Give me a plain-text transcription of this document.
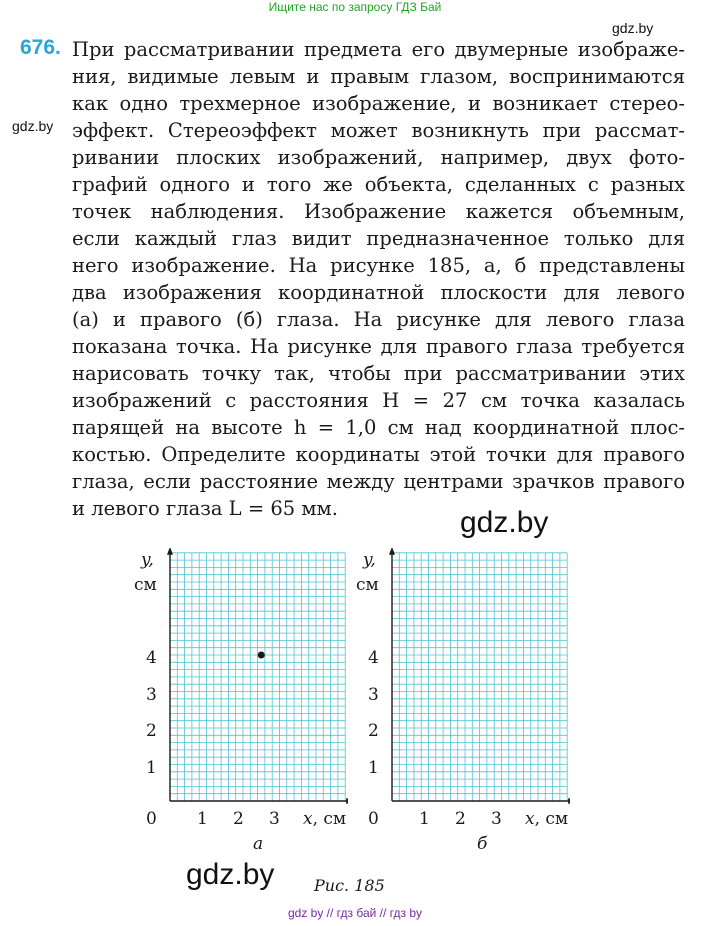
Ищите нас по запросу ГДЗ Бай
gdz.by
gdz.by
gdz.by
gdz.by
676. При рассматривании предмета его двумерные изображе-
ния, видимые левым и правым глазом, воспринимаются
как одно трехмерное изображение, и возникает стерео-
эффект. Стереоэффект может возникнуть при рассмат-
ривании плоских изображений, например, двух фото-
графий одного и того же объекта, сделанных с разных
точек наблюдения. Изображение кажется объемным,
если каждый глаз видит предназначенное только для
него изображение. На рисунке 185, а, б представлены
два изображения координатной плоскости для левого
(а) и правого (б) глаза. На рисунке для левого глаза
показана точка. На рисунке для правого глаза требуется
нарисовать точку так, чтобы при рассматривании этих
изображений с расстояния H = 27 см точка казалась
парящей на высоте h = 1,0 см над координатной плос-
костью. Определите координаты этой точки для правого
глаза, если расстояние между центрами зрачков правого
и левого глаза L = 65 мм.
y,
см
4
3
2
1
0 1 2 3 x, см
а
y,
см
4
3
2
1
0 1 2 3 x, см
б
Рис. 185
gdz by // гдз бай // гдз by
